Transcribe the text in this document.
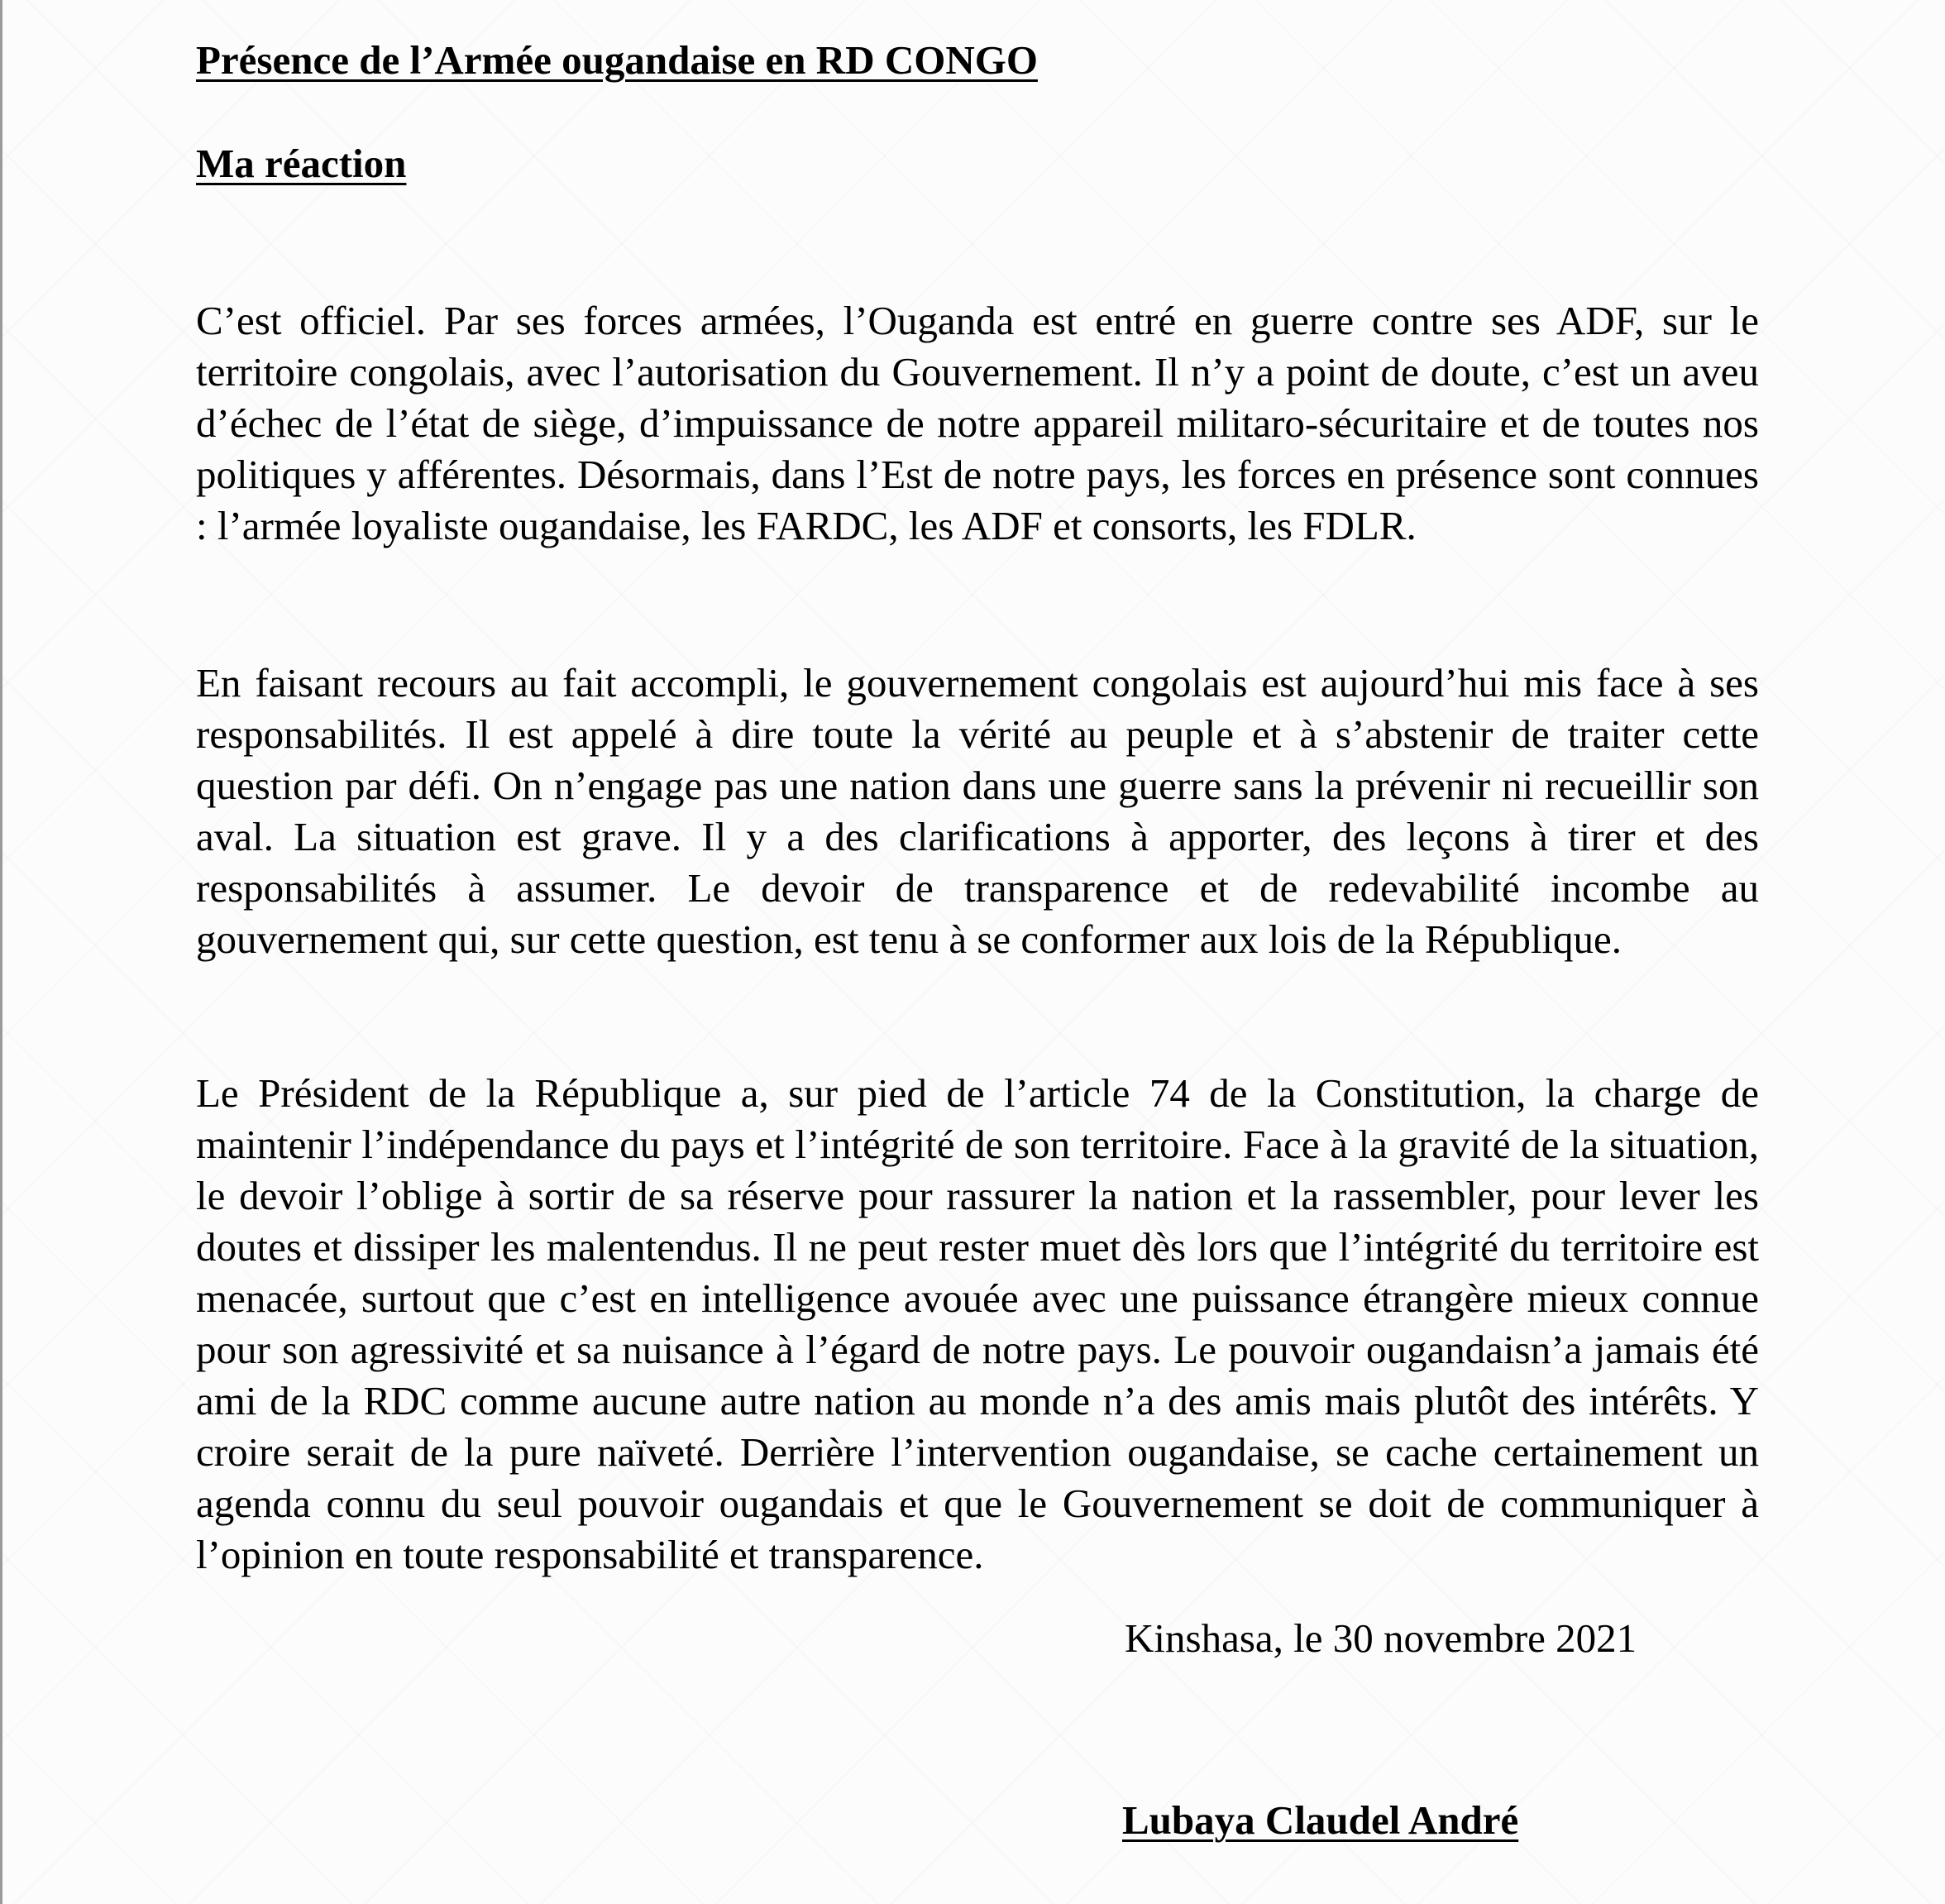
Présence de l’Armée ougandaise en RD CONGO
Ma réaction

C’est officiel. Par ses forces armées, l’Ouganda est entré en guerre contre ses ADF, sur le territoire congolais, avec l’autorisation du Gouvernement. Il n’y a point de doute, c’est un aveu d’échec de l’état de siège, d’impuissance de notre appareil militaro-sécuritaire et de toutes nos politiques y afférentes. Désormais, dans l’Est de notre pays, les forces en présence sont connues : l’armée loyaliste ougandaise, les FARDC, les ADF et consorts, les FDLR.

En faisant recours au fait accompli, le gouvernement congolais est aujourd’hui mis face à ses responsabilités. Il est appelé à dire toute la vérité au peuple et à s’abstenir de traiter cette question par défi. On n’engage pas une nation dans une guerre sans la prévenir ni recueillir son aval. La situation est grave. Il y a des clarifications à apporter, des leçons à tirer et des responsabilités à assumer. Le devoir de transparence et de redevabilité incombe au gouvernement qui, sur cette question, est tenu à se conformer aux lois de la République.

Le Président de la République a, sur pied de l’article 74 de la Constitution, la charge de maintenir l’indépendance du pays et l’intégrité de son territoire. Face à la gravité de la situation, le devoir l’oblige à sortir de sa réserve pour rassurer la nation et la rassembler, pour lever les doutes et dissiper les malentendus. Il ne peut rester muet dès lors que l’intégrité du territoire est menacée, surtout que c’est en intelligence avouée avec une puissance étrangère mieux connue pour son agressivité et sa nuisance à l’égard de notre pays. Le pouvoir ougandaisn’a jamais été ami de la RDC comme aucune autre nation au monde n’a des amis mais plutôt des intérêts. Y croire serait de la pure naïveté. Derrière l’intervention ougandaise, se cache certainement un agenda connu du seul pouvoir ougandais et que le Gouvernement se doit de communiquer à l’opinion en toute responsabilité et transparence.

Kinshasa, le 30 novembre 2021

Lubaya Claudel André
